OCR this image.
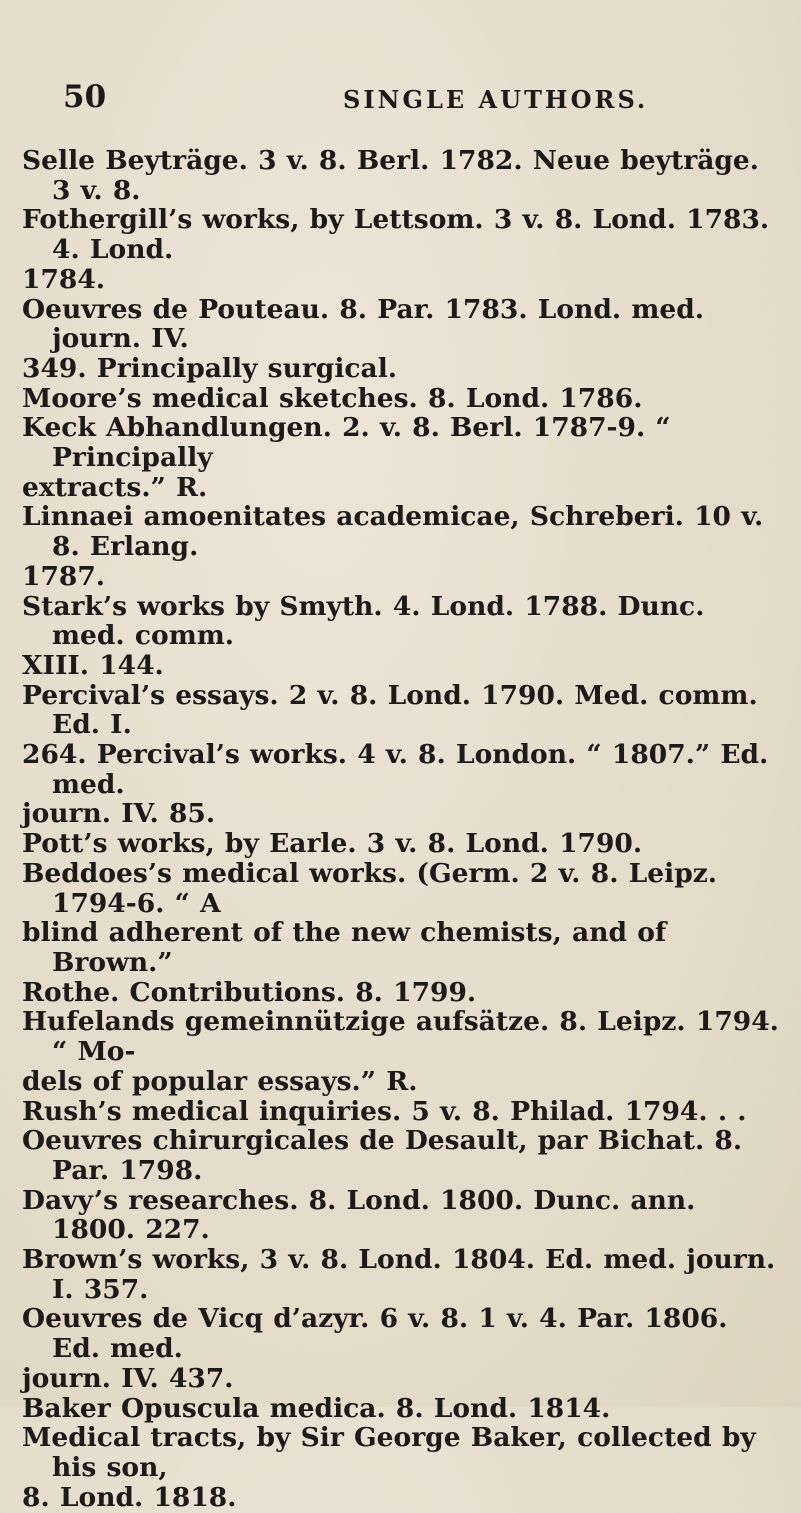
50	SINGLE AUTHORS.
Selle Beyträge. 3 v. 8. Berl. 1782. Neue beyträge. 3 v. 8.
Fothergill’s works, by Lettsom. 3 v. 8. Lond. 1783. 4. Lond.
1784.
Oeuvres de Pouteau. 8. Par. 1783. Lond. med. journ. IV.
349. Principally surgical.
Moore’s medical sketches. 8. Lond. 1786.
Keck Abhandlungen. 2. v. 8. Berl. 1787-9. “ Principally
extracts.” R.
Linnaei amoenitates academicae, Schreberi. 10 v. 8. Erlang.
1787.
Stark’s works by Smyth. 4. Lond. 1788. Dunc. med. comm.
XIII. 144.
Percival’s essays. 2 v. 8. Lond. 1790. Med. comm. Ed. I.
264. Percival’s works. 4 v. 8. London. “ 1807.” Ed. med.
journ. IV. 85.
Pott’s works, by Earle. 3 v. 8. Lond. 1790.
Beddoes’s medical works. (Germ. 2 v. 8. Leipz. 1794-6. “ A
blind adherent of the new chemists, and of Brown.”
Rothe. Contributions. 8. 1799.
Hufelands gemeinnützige aufsätze. 8. Leipz. 1794. “ Mo-
dels of popular essays.” R.
Rush’s medical inquiries. 5 v. 8. Philad. 1794. . .
Oeuvres chirurgicales de Desault, par Bichat. 8. Par. 1798.
Davy’s researches. 8. Lond. 1800. Dunc. ann. 1800. 227.
Brown’s works, 3 v. 8. Lond. 1804. Ed. med. journ. I. 357.
Oeuvres de Vicq d’azyr. 6 v. 8. 1 v. 4. Par. 1806. Ed. med.
journ. IV. 437.
Baker Opuscula medica. 8. Lond. 1814.
Medical tracts, by Sir George Baker, collected by his son,
8. Lond. 1818.
